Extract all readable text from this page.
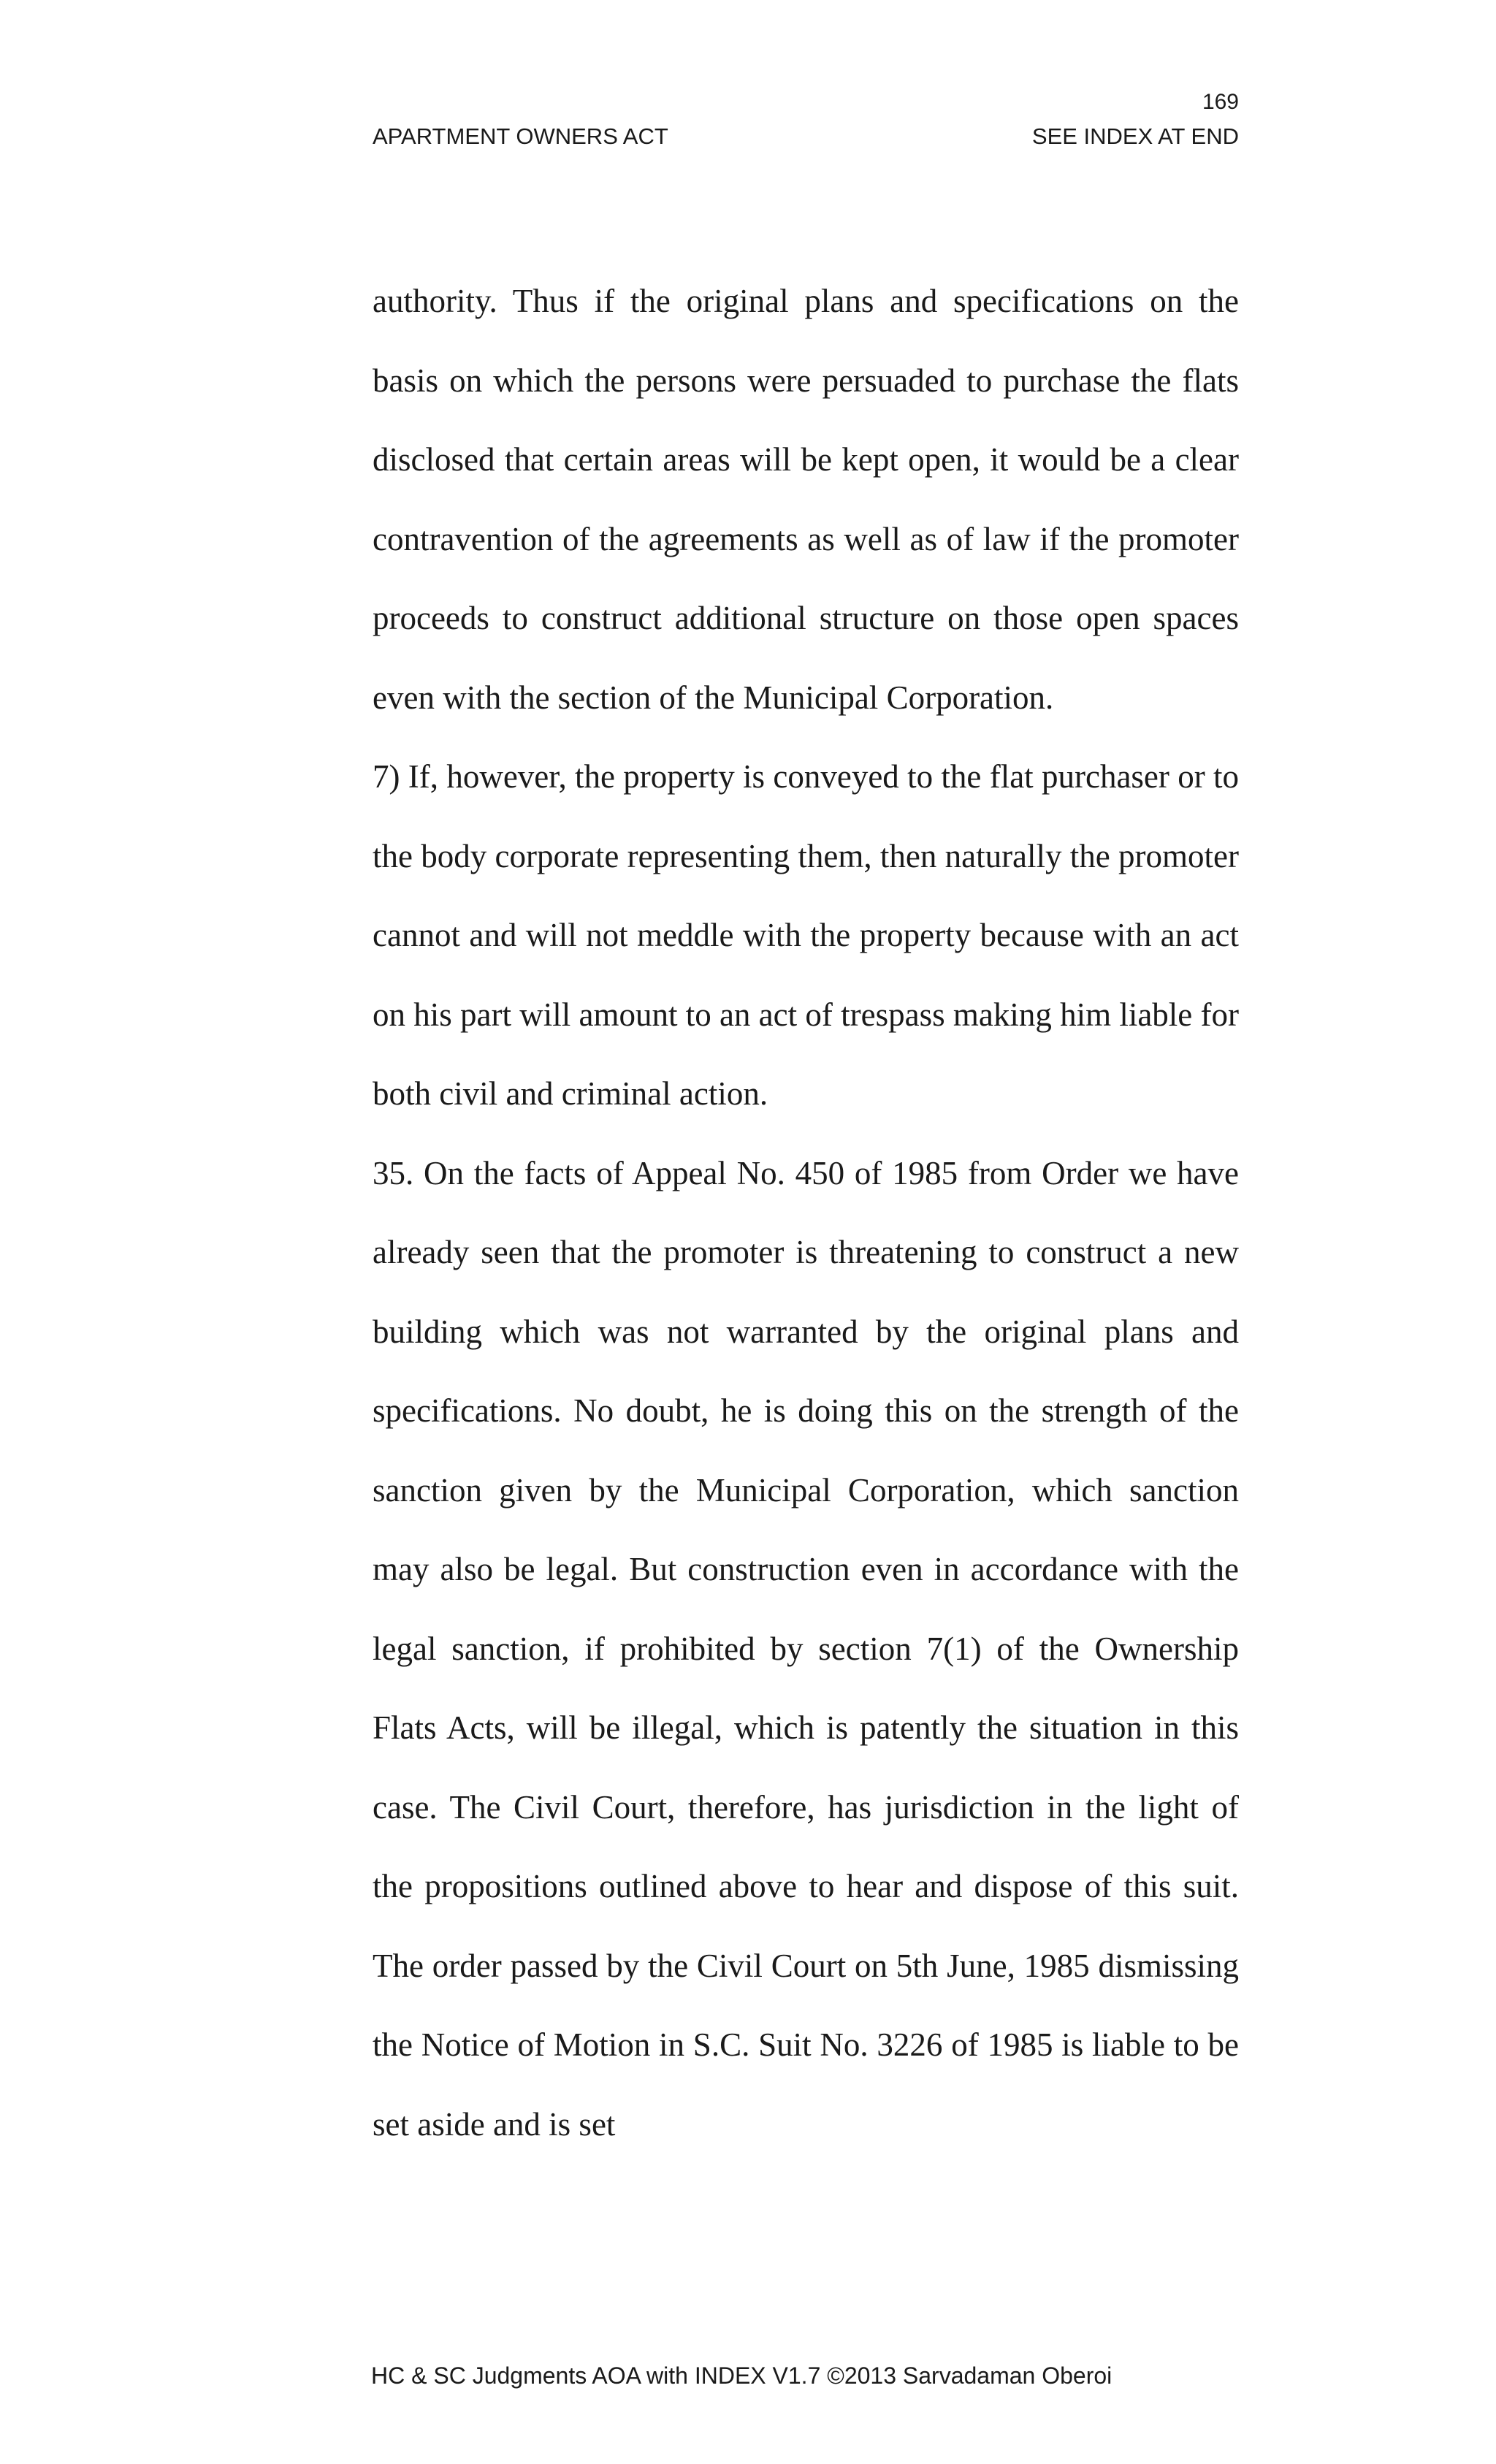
169
APARTMENT OWNERS ACT	SEE INDEX AT END

authority. Thus if the original plans and specifications on the basis on which the persons were persuaded to purchase the flats disclosed that certain areas will be kept open, it would be a clear contravention of the agreements as well as of law if the promoter proceeds to construct additional structure on those open spaces even with the section of the Municipal Corporation.

7) If, however, the property is conveyed to the flat purchaser or to the body corporate representing them, then naturally the promoter cannot and will not meddle with the property because with an act on his part will amount to an act of trespass making him liable for both civil and criminal action.

35. On the facts of Appeal No. 450 of 1985 from Order we have already seen that the promoter is threatening to construct a new building which was not warranted by the original plans and specifications. No doubt, he is doing this on the strength of the sanction given by the Municipal Corporation, which sanction may also be legal. But construction even in accordance with the legal sanction, if prohibited by section 7(1) of the Ownership Flats Acts, will be illegal, which is patently the situation in this case. The Civil Court, therefore, has jurisdiction in the light of the propositions outlined above to hear and dispose of this suit. The order passed by the Civil Court on 5th June, 1985 dismissing the Notice of Motion in S.C. Suit No. 3226 of 1985 is liable to be set aside and is set

HC & SC Judgments AOA with INDEX V1.7 ©2013 Sarvadaman Oberoi
